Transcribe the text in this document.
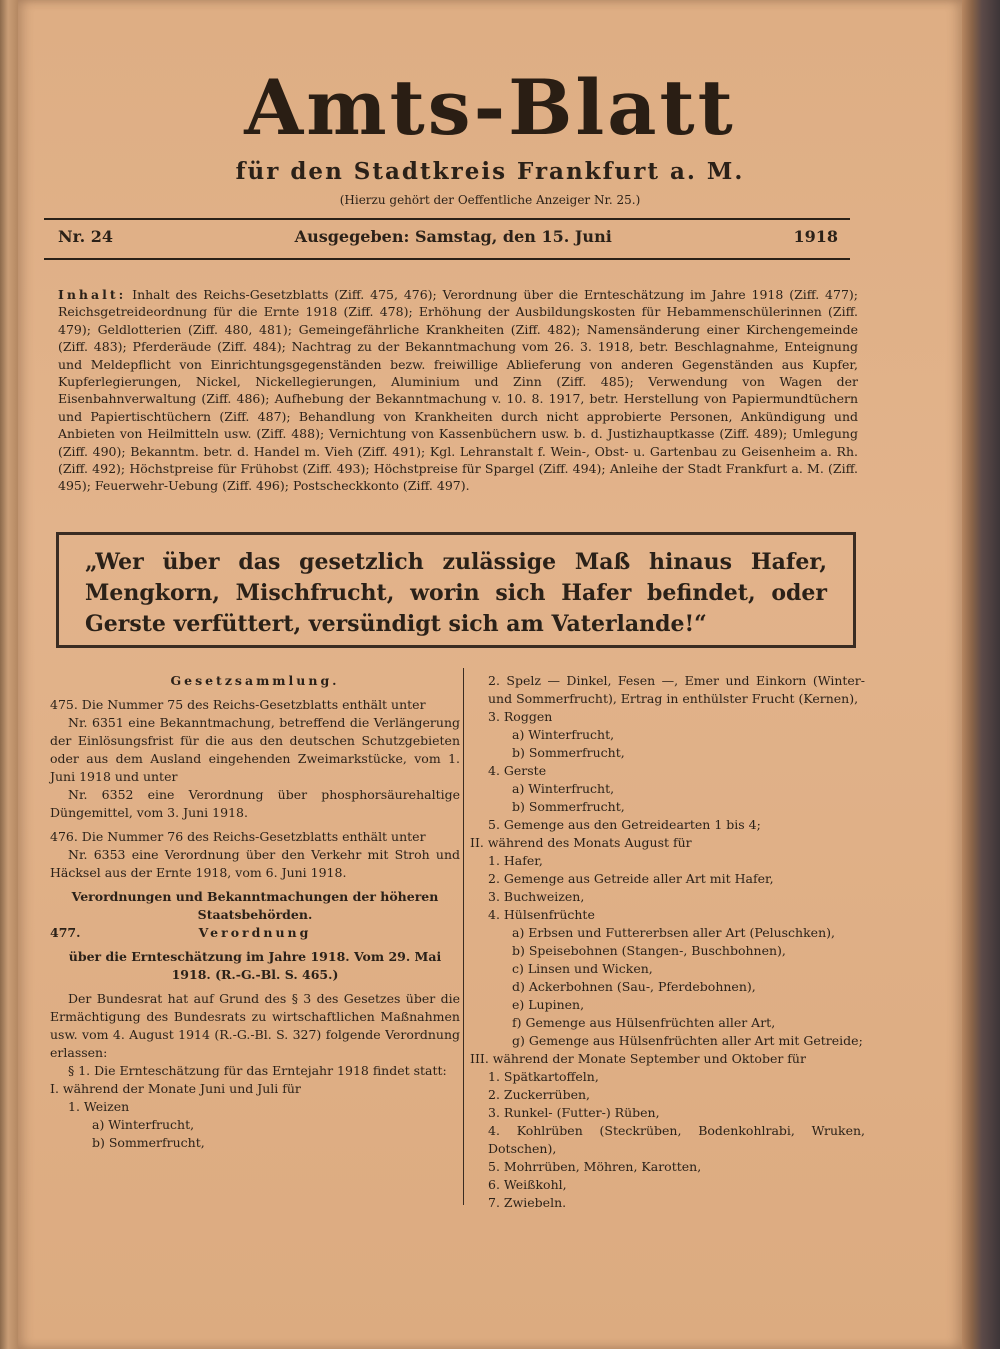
Amts-Blatt
für den Stadtkreis Frankfurt a. M.
(Hierzu gehört der Oeffentliche Anzeiger Nr. 25.)
Nr. 24	Ausgegeben: Samstag, den 15. Juni	1918
Inhalt: Inhalt des Reichs-Gesetzblatts (Ziff. 475, 476); Verordnung über die Ernteschätzung im Jahre 1918 (Ziff. 477); Reichsgetreideordnung für die Ernte 1918 (Ziff. 478); Erhöhung der Ausbildungskosten für Hebammenschülerinnen (Ziff. 479); Geldlotterien (Ziff. 480, 481); Gemeingefährliche Krankheiten (Ziff. 482); Namensänderung einer Kirchengemeinde (Ziff. 483); Pferderäude (Ziff. 484); Nachtrag zu der Bekanntmachung vom 26. 3. 1918, betr. Beschlagnahme, Enteignung und Meldepflicht von Einrichtungsgegenständen bezw. freiwillige Ablieferung von anderen Gegenständen aus Kupfer, Kupferlegierungen, Nickel, Nickellegierungen, Aluminium und Zinn (Ziff. 485); Verwendung von Wagen der Eisenbahnverwaltung (Ziff. 486); Aufhebung der Bekanntmachung v. 10. 8. 1917, betr. Herstellung von Papiermundtüchern und Papiertischtüchern (Ziff. 487); Behandlung von Krankheiten durch nicht approbierte Personen, Ankündigung und Anbieten von Heilmitteln usw. (Ziff. 488); Vernichtung von Kassenbüchern usw. b. d. Justizhauptkasse (Ziff. 489); Umlegung (Ziff. 490); Bekanntm. betr. d. Handel m. Vieh (Ziff. 491); Kgl. Lehranstalt f. Wein-, Obst- u. Gartenbau zu Geisenheim a. Rh. (Ziff. 492); Höchstpreise für Frühobst (Ziff. 493); Höchstpreise für Spargel (Ziff. 494); Anleihe der Stadt Frankfurt a. M. (Ziff. 495); Feuerwehr-Uebung (Ziff. 496); Postscheckkonto (Ziff. 497).
„Wer über das gesetzlich zulässige Maß hinaus Hafer, Mengkorn, Mischfrucht, worin sich Hafer befindet, oder Gerste verfüttert, versündigt sich am Vaterlande!“
Gesetzsammlung.
475. Die Nummer 75 des Reichs-Gesetzblatts enthält unter
Nr. 6351 eine Bekanntmachung, betreffend die Verlängerung der Einlösungsfrist für die aus den deutschen Schutzgebieten oder aus dem Ausland eingehenden Zweimarkstücke, vom 1. Juni 1918 und unter
Nr. 6352 eine Verordnung über phosphorsäurehaltige Düngemittel, vom 3. Juni 1918.
476. Die Nummer 76 des Reichs-Gesetzblatts enthält unter
Nr. 6353 eine Verordnung über den Verkehr mit Stroh und Häcksel aus der Ernte 1918, vom 6. Juni 1918.
Verordnungen und Bekanntmachungen der höheren Staatsbehörden.
477.	Verordnung
über die Ernteschätzung im Jahre 1918. Vom 29. Mai 1918. (R.-G.-Bl. S. 465.)
Der Bundesrat hat auf Grund des § 3 des Gesetzes über die Ermächtigung des Bundesrats zu wirtschaftlichen Maßnahmen usw. vom 4. August 1914 (R.-G.-Bl. S. 327) folgende Verordnung erlassen:
§ 1. Die Ernteschätzung für das Erntejahr 1918 findet statt:
I. während der Monate Juni und Juli für
1. Weizen
a) Winterfrucht,
b) Sommerfrucht,
2. Spelz — Dinkel, Fesen —, Emer und Einkorn (Winter- und Sommerfrucht), Ertrag in enthülster Frucht (Kernen),
3. Roggen
a) Winterfrucht,
b) Sommerfrucht,
4. Gerste
a) Winterfrucht,
b) Sommerfrucht,
5. Gemenge aus den Getreidearten 1 bis 4;
II. während des Monats August für
1. Hafer,
2. Gemenge aus Getreide aller Art mit Hafer,
3. Buchweizen,
4. Hülsenfrüchte
a) Erbsen und Futtererbsen aller Art (Peluschken),
b) Speisebohnen (Stangen-, Buschbohnen),
c) Linsen und Wicken,
d) Ackerbohnen (Sau-, Pferdebohnen),
e) Lupinen,
f) Gemenge aus Hülsenfrüchten aller Art,
g) Gemenge aus Hülsenfrüchten aller Art mit Getreide;
III. während der Monate September und Oktober für
1. Spätkartoffeln,
2. Zuckerrüben,
3. Runkel- (Futter-) Rüben,
4. Kohlrüben (Steckrüben, Bodenkohlrabi, Wruken, Dotschen),
5. Mohrrüben, Möhren, Karotten,
6. Weißkohl,
7. Zwiebeln.
